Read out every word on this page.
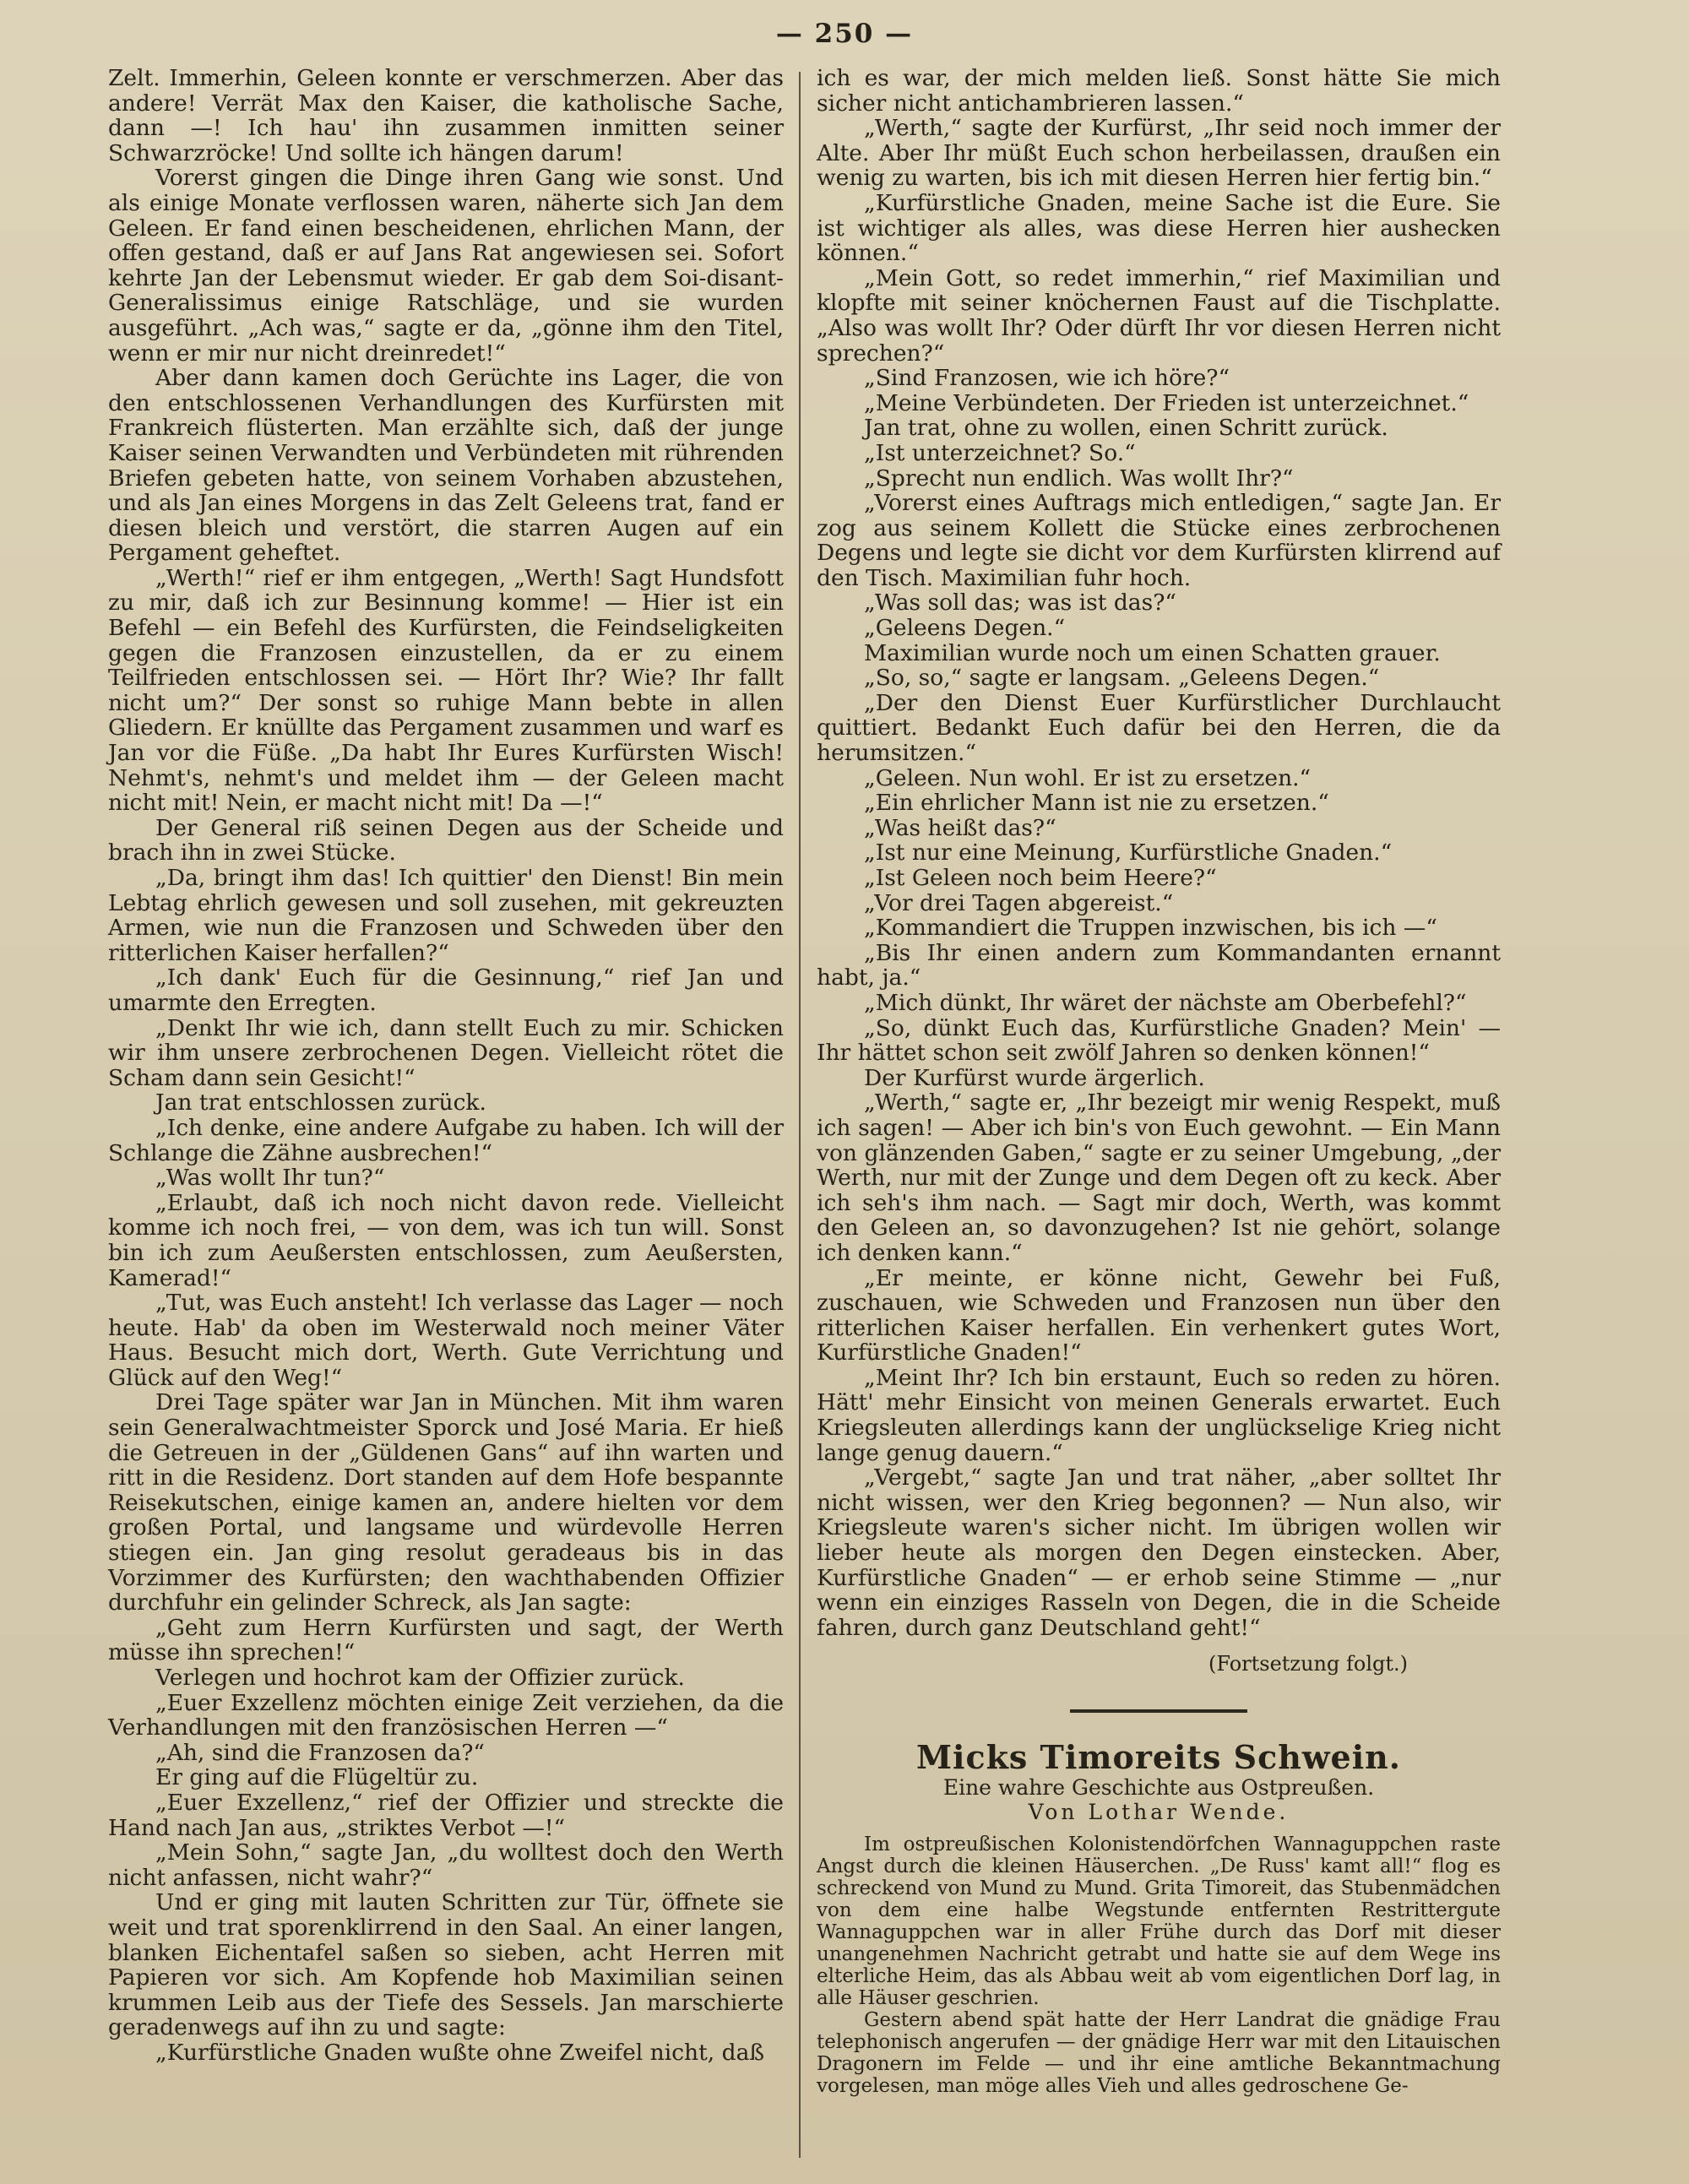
— 250 —

Zelt. Immerhin, Geleen konnte er verschmerzen. Aber das andere! Verrät Max den Kaiser, die katholische Sache, dann —! Ich hau' ihn zusammen inmitten seiner Schwarzröcke! Und sollte ich hängen darum!

Vorerst gingen die Dinge ihren Gang wie sonst. Und als einige Monate verflossen waren, näherte sich Jan dem Geleen. Er fand einen bescheidenen, ehrlichen Mann, der offen gestand, daß er auf Jans Rat angewiesen sei. Sofort kehrte Jan der Lebensmut wieder. Er gab dem Soi-disant-Generalissimus einige Ratschläge, und sie wurden ausgeführt. „Ach was,“ sagte er da, „gönne ihm den Titel, wenn er mir nur nicht dreinredet!“

Aber dann kamen doch Gerüchte ins Lager, die von den entschlossenen Verhandlungen des Kurfürsten mit Frankreich flüsterten. Man erzählte sich, daß der junge Kaiser seinen Verwandten und Verbündeten mit rührenden Briefen gebeten hatte, von seinem Vorhaben abzustehen, und als Jan eines Morgens in das Zelt Geleens trat, fand er diesen bleich und verstört, die starren Augen auf ein Pergament geheftet.

„Werth!“ rief er ihm entgegen, „Werth! Sagt Hundsfott zu mir, daß ich zur Besinnung komme! — Hier ist ein Befehl — ein Befehl des Kurfürsten, die Feindseligkeiten gegen die Franzosen einzustellen, da er zu einem Teilfrieden entschlossen sei. — Hört Ihr? Wie? Ihr fallt nicht um?“ Der sonst so ruhige Mann bebte in allen Gliedern. Er knüllte das Pergament zusammen und warf es Jan vor die Füße. „Da habt Ihr Eures Kurfürsten Wisch! Nehmt's, nehmt's und meldet ihm — der Geleen macht nicht mit! Nein, er macht nicht mit! Da —!“

Der General riß seinen Degen aus der Scheide und brach ihn in zwei Stücke.

„Da, bringt ihm das! Ich quittier' den Dienst! Bin mein Lebtag ehrlich gewesen und soll zusehen, mit gekreuzten Armen, wie nun die Franzosen und Schweden über den ritterlichen Kaiser herfallen?“

„Ich dank' Euch für die Gesinnung,“ rief Jan und umarmte den Erregten.

„Denkt Ihr wie ich, dann stellt Euch zu mir. Schicken wir ihm unsere zerbrochenen Degen. Vielleicht rötet die Scham dann sein Gesicht!“

Jan trat entschlossen zurück.

„Ich denke, eine andere Aufgabe zu haben. Ich will der Schlange die Zähne ausbrechen!“

„Was wollt Ihr tun?“

„Erlaubt, daß ich noch nicht davon rede. Vielleicht komme ich noch frei, — von dem, was ich tun will. Sonst bin ich zum Aeußersten entschlossen, zum Aeußersten, Kamerad!“

„Tut, was Euch ansteht! Ich verlasse das Lager — noch heute. Hab' da oben im Westerwald noch meiner Väter Haus. Besucht mich dort, Werth. Gute Verrichtung und Glück auf den Weg!“

Drei Tage später war Jan in München. Mit ihm waren sein Generalwachtmeister Sporck und José Maria. Er hieß die Getreuen in der „Güldenen Gans“ auf ihn warten und ritt in die Residenz. Dort standen auf dem Hofe bespannte Reisekutschen, einige kamen an, andere hielten vor dem großen Portal, und langsame und würdevolle Herren stiegen ein. Jan ging resolut geradeaus bis in das Vorzimmer des Kurfürsten; den wachthabenden Offizier durchfuhr ein gelinder Schreck, als Jan sagte:

„Geht zum Herrn Kurfürsten und sagt, der Werth müsse ihn sprechen!“

Verlegen und hochrot kam der Offizier zurück.

„Euer Exzellenz möchten einige Zeit verziehen, da die Verhandlungen mit den französischen Herren —“

„Ah, sind die Franzosen da?“

Er ging auf die Flügeltür zu.

„Euer Exzellenz,“ rief der Offizier und streckte die Hand nach Jan aus, „striktes Verbot —!“

„Mein Sohn,“ sagte Jan, „du wolltest doch den Werth nicht anfassen, nicht wahr?“

Und er ging mit lauten Schritten zur Tür, öffnete sie weit und trat sporenklirrend in den Saal. An einer langen, blanken Eichentafel saßen so sieben, acht Herren mit Papieren vor sich. Am Kopfende hob Maximilian seinen krummen Leib aus der Tiefe des Sessels. Jan marschierte geradenwegs auf ihn zu und sagte:

„Kurfürstliche Gnaden wußte ohne Zweifel nicht, daß

ich es war, der mich melden ließ. Sonst hätte Sie mich sicher nicht antichambrieren lassen.“

„Werth,“ sagte der Kurfürst, „Ihr seid noch immer der Alte. Aber Ihr müßt Euch schon herbeilassen, draußen ein wenig zu warten, bis ich mit diesen Herren hier fertig bin.“

„Kurfürstliche Gnaden, meine Sache ist die Eure. Sie ist wichtiger als alles, was diese Herren hier aushecken können.“

„Mein Gott, so redet immerhin,“ rief Maximilian und klopfte mit seiner knöchernen Faust auf die Tischplatte. „Also was wollt Ihr? Oder dürft Ihr vor diesen Herren nicht sprechen?“

„Sind Franzosen, wie ich höre?“

„Meine Verbündeten. Der Frieden ist unterzeichnet.“

Jan trat, ohne zu wollen, einen Schritt zurück.

„Ist unterzeichnet? So.“

„Sprecht nun endlich. Was wollt Ihr?“

„Vorerst eines Auftrags mich entledigen,“ sagte Jan. Er zog aus seinem Kollett die Stücke eines zerbrochenen Degens und legte sie dicht vor dem Kurfürsten klirrend auf den Tisch. Maximilian fuhr hoch.

„Was soll das; was ist das?“

„Geleens Degen.“

Maximilian wurde noch um einen Schatten grauer.

„So, so,“ sagte er langsam. „Geleens Degen.“

„Der den Dienst Euer Kurfürstlicher Durchlaucht quittiert. Bedankt Euch dafür bei den Herren, die da herumsitzen.“

„Geleen. Nun wohl. Er ist zu ersetzen.“

„Ein ehrlicher Mann ist nie zu ersetzen.“

„Was heißt das?“

„Ist nur eine Meinung, Kurfürstliche Gnaden.“

„Ist Geleen noch beim Heere?“

„Vor drei Tagen abgereist.“

„Kommandiert die Truppen inzwischen, bis ich —“

„Bis Ihr einen andern zum Kommandanten ernannt habt, ja.“

„Mich dünkt, Ihr wäret der nächste am Oberbefehl?“

„So, dünkt Euch das, Kurfürstliche Gnaden? Mein' — Ihr hättet schon seit zwölf Jahren so denken können!“

Der Kurfürst wurde ärgerlich.

„Werth,“ sagte er, „Ihr bezeigt mir wenig Respekt, muß ich sagen! — Aber ich bin's von Euch gewohnt. — Ein Mann von glänzenden Gaben,“ sagte er zu seiner Umgebung, „der Werth, nur mit der Zunge und dem Degen oft zu keck. Aber ich seh's ihm nach. — Sagt mir doch, Werth, was kommt den Geleen an, so davonzugehen? Ist nie gehört, solange ich denken kann.“

„Er meinte, er könne nicht, Gewehr bei Fuß, zuschauen, wie Schweden und Franzosen nun über den ritterlichen Kaiser herfallen. Ein verhenkert gutes Wort, Kurfürstliche Gnaden!“

„Meint Ihr? Ich bin erstaunt, Euch so reden zu hören. Hätt' mehr Einsicht von meinen Generals erwartet. Euch Kriegsleuten allerdings kann der unglückselige Krieg nicht lange genug dauern.“

„Vergebt,“ sagte Jan und trat näher, „aber solltet Ihr nicht wissen, wer den Krieg begonnen? — Nun also, wir Kriegsleute waren's sicher nicht. Im übrigen wollen wir lieber heute als morgen den Degen einstecken. Aber, Kurfürstliche Gnaden“ — er erhob seine Stimme — „nur wenn ein einziges Rasseln von Degen, die in die Scheide fahren, durch ganz Deutschland geht!“

(Fortsetzung folgt.)
Micks Timoreits Schwein.
Eine wahre Geschichte aus Ostpreußen.
Von Lothar Wende.

Im ostpreußischen Kolonistendörfchen Wannaguppchen raste Angst durch die kleinen Häuserchen. „De Russ' kamt all!“ flog es schreckend von Mund zu Mund. Grita Timoreit, das Stubenmädchen von dem eine halbe Wegstunde entfernten Restrittergute Wannaguppchen war in aller Frühe durch das Dorf mit dieser unangenehmen Nachricht getrabt und hatte sie auf dem Wege ins elterliche Heim, das als Abbau weit ab vom eigentlichen Dorf lag, in alle Häuser geschrien.

Gestern abend spät hatte der Herr Landrat die gnädige Frau telephonisch angerufen — der gnädige Herr war mit den Litauischen Dragonern im Felde — und ihr eine amtliche Bekanntmachung vorgelesen, man möge alles Vieh und alles gedroschene Ge-
